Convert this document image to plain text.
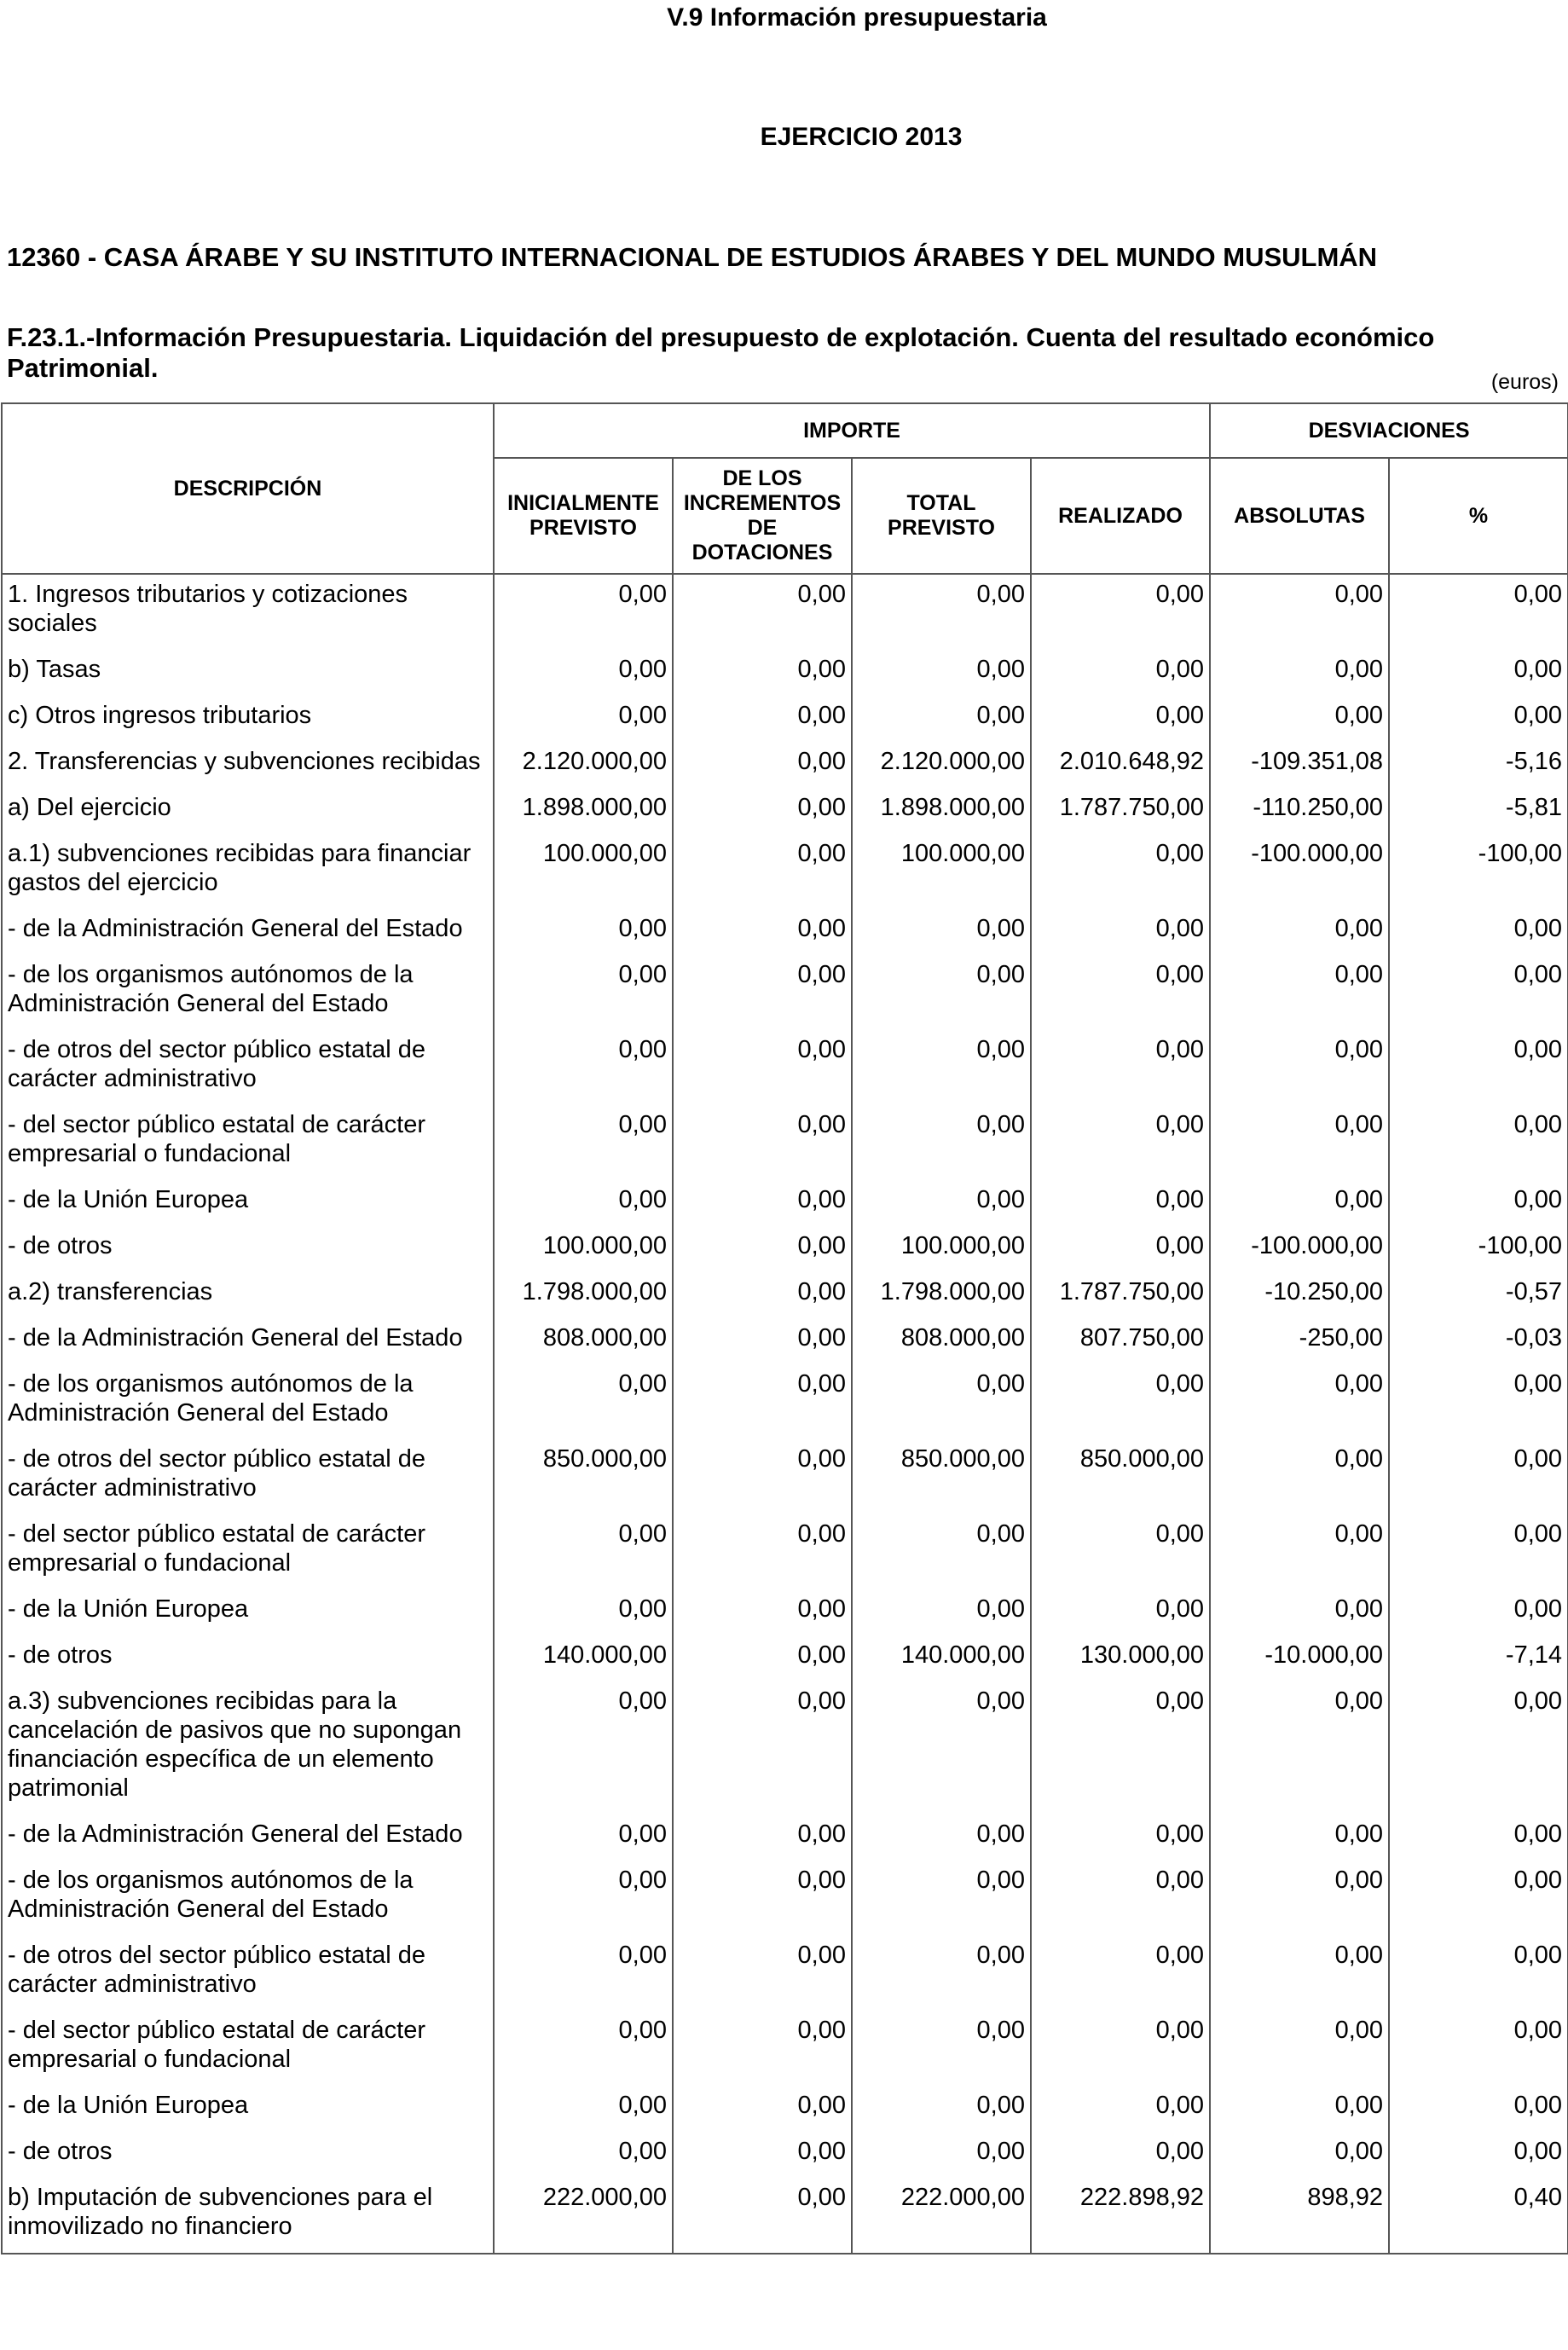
V.9 Información presupuestaria
EJERCICIO 2013
12360 - CASA ÁRABE Y SU INSTITUTO INTERNACIONAL DE ESTUDIOS ÁRABES Y DEL MUNDO MUSULMÁN
F.23.1.-Información Presupuestaria. Liquidación del presupuesto de explotación. Cuenta del resultado económico Patrimonial.	(euros)
DESCRIPCIÓN	IMPORTE				DESVIACIONES	
	INICIALMENTE PREVISTO	DE LOS INCREMENTOS DE DOTACIONES	TOTAL PREVISTO	REALIZADO	ABSOLUTAS	%
1. Ingresos tributarios y cotizaciones sociales	0,00	0,00	0,00	0,00	0,00	0,00
b) Tasas	0,00	0,00	0,00	0,00	0,00	0,00
c) Otros ingresos tributarios	0,00	0,00	0,00	0,00	0,00	0,00
2. Transferencias y subvenciones recibidas	2.120.000,00	0,00	2.120.000,00	2.010.648,92	-109.351,08	-5,16
a) Del ejercicio	1.898.000,00	0,00	1.898.000,00	1.787.750,00	-110.250,00	-5,81
a.1) subvenciones recibidas para financiar gastos del ejercicio	100.000,00	0,00	100.000,00	0,00	-100.000,00	-100,00
- de la Administración General del Estado	0,00	0,00	0,00	0,00	0,00	0,00
- de los organismos autónomos de la Administración General del Estado	0,00	0,00	0,00	0,00	0,00	0,00
- de otros del sector público estatal de carácter administrativo	0,00	0,00	0,00	0,00	0,00	0,00
- del sector público estatal de carácter empresarial o fundacional	0,00	0,00	0,00	0,00	0,00	0,00
- de la Unión Europea	0,00	0,00	0,00	0,00	0,00	0,00
- de otros	100.000,00	0,00	100.000,00	0,00	-100.000,00	-100,00
a.2) transferencias	1.798.000,00	0,00	1.798.000,00	1.787.750,00	-10.250,00	-0,57
- de la Administración General del Estado	808.000,00	0,00	808.000,00	807.750,00	-250,00	-0,03
- de los organismos autónomos de la Administración General del Estado	0,00	0,00	0,00	0,00	0,00	0,00
- de otros del sector público estatal de carácter administrativo	850.000,00	0,00	850.000,00	850.000,00	0,00	0,00
- del sector público estatal de carácter empresarial o fundacional	0,00	0,00	0,00	0,00	0,00	0,00
- de la Unión Europea	0,00	0,00	0,00	0,00	0,00	0,00
- de otros	140.000,00	0,00	140.000,00	130.000,00	-10.000,00	-7,14
a.3) subvenciones recibidas para la cancelación de pasivos que no supongan financiación específica de un elemento patrimonial	0,00	0,00	0,00	0,00	0,00	0,00
- de la Administración General del Estado	0,00	0,00	0,00	0,00	0,00	0,00
- de los organismos autónomos de la Administración General del Estado	0,00	0,00	0,00	0,00	0,00	0,00
- de otros del sector público estatal de carácter administrativo	0,00	0,00	0,00	0,00	0,00	0,00
- del sector público estatal de carácter empresarial o fundacional	0,00	0,00	0,00	0,00	0,00	0,00
- de la Unión Europea	0,00	0,00	0,00	0,00	0,00	0,00
- de otros	0,00	0,00	0,00	0,00	0,00	0,00
b) Imputación de subvenciones para el inmovilizado no financiero	222.000,00	0,00	222.000,00	222.898,92	898,92	0,40
